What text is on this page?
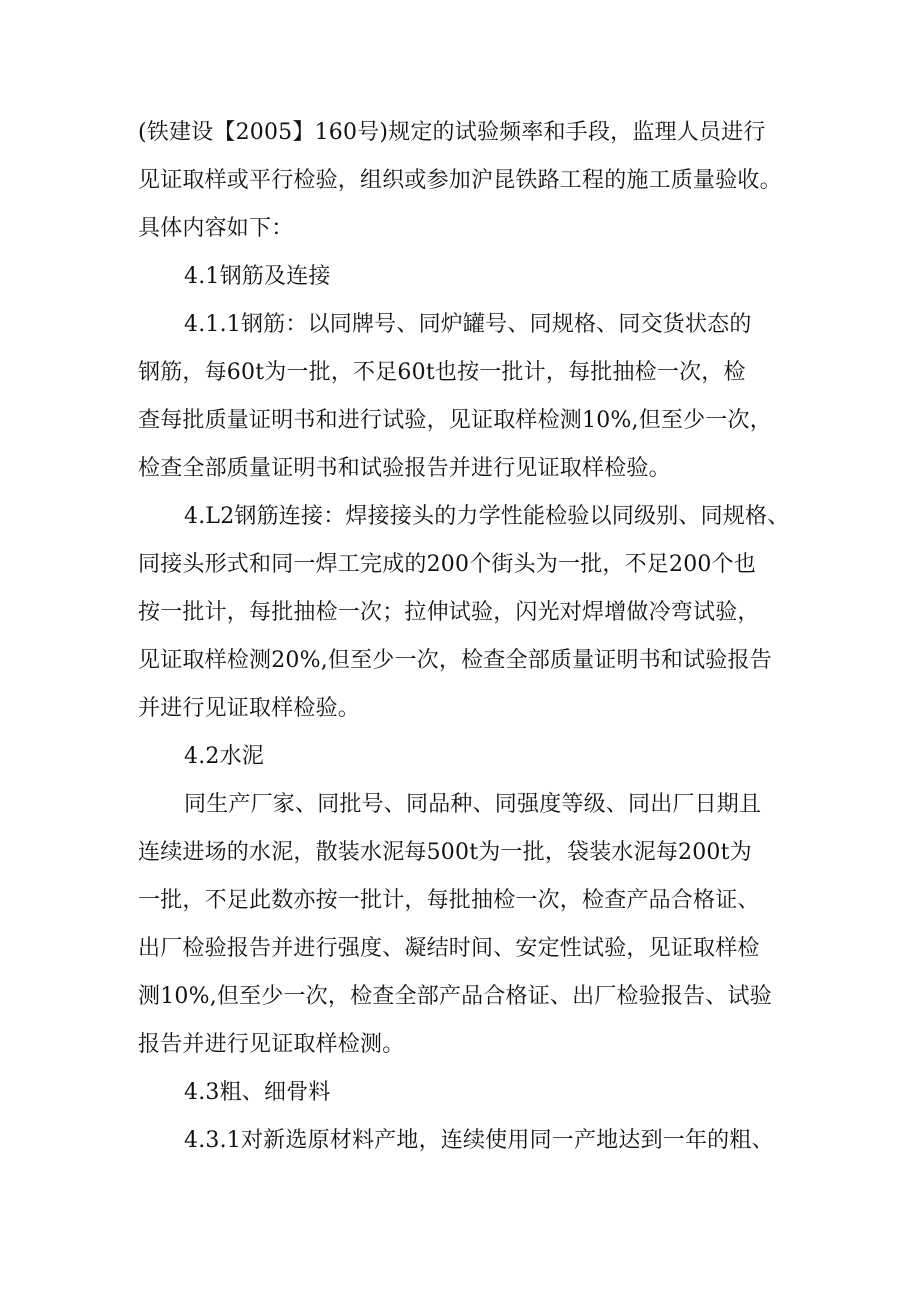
(铁建设【2005】160号)规定的试验频率和手段，监理人员进行
见证取样或平行检验，组织或参加沪昆铁路工程的施工质量验收。
具体内容如下：
4.1钢筋及连接
4.1.1钢筋：以同牌号、同炉罐号、同规格、同交货状态的
钢筋，每60t为一批，不足60t也按一批计，每批抽检一次，检
查每批质量证明书和进行试验，见证取样检测10%,但至少一次，
检查全部质量证明书和试验报告并进行见证取样检验。
4.L2钢筋连接：焊接接头的力学性能检验以同级别、同规格、
同接头形式和同一焊工完成的200个街头为一批，不足200个也
按一批计，每批抽检一次；拉伸试验，闪光对焊增做冷弯试验，
见证取样检测20%,但至少一次，检查全部质量证明书和试验报告
并进行见证取样检验。
4.2水泥
同生产厂家、同批号、同品种、同强度等级、同出厂日期且
连续进场的水泥，散装水泥每500t为一批，袋装水泥每200t为
一批，不足此数亦按一批计，每批抽检一次，检查产品合格证、
出厂检验报告并进行强度、凝结时间、安定性试验，见证取样检
测10%,但至少一次，检查全部产品合格证、出厂检验报告、试验
报告并进行见证取样检测。
4.3粗、细骨料
4.3.1对新选原材料产地，连续使用同一产地达到一年的粗、
